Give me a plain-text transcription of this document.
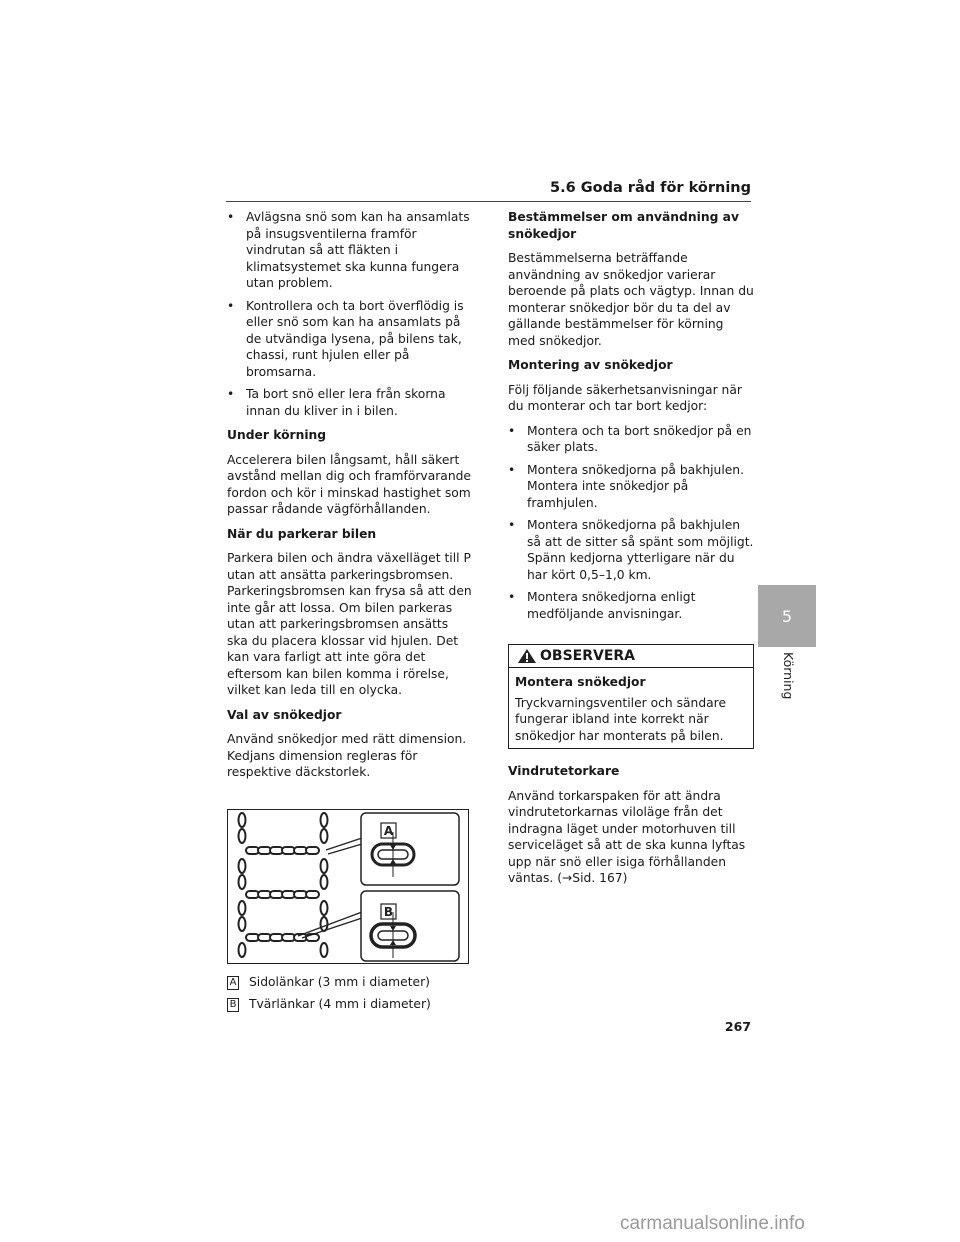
5.6 Goda råd för körning
• Avlägsna snö som kan ha ansamlats på insugsventilerna framför vindrutan så att fläkten i klimatsystemet ska kunna fungera utan problem.
• Kontrollera och ta bort överflödig is eller snö som kan ha ansamlats på de utvändiga lysena, på bilens tak, chassi, runt hjulen eller på bromsarna.
• Ta bort snö eller lera från skorna innan du kliver in i bilen.

Under körning

Accelerera bilen långsamt, håll säkert avstånd mellan dig och framförvarande fordon och kör i minskad hastighet som passar rådande vägförhållanden.

När du parkerar bilen

Parkera bilen och ändra växelläget till P utan att ansätta parkeringsbromsen. Parkeringsbromsen kan frysa så att den inte går att lossa. Om bilen parkeras utan att parkeringsbromsen ansätts ska du placera klossar vid hjulen. Det kan vara farligt att inte göra det eftersom kan bilen komma i rörelse, vilket kan leda till en olycka.

Val av snökedjor

Använd snökedjor med rätt dimension. Kedjans dimension regleras för respektive däckstorlek.

A
B
A Sidolänkar (3 mm i diameter)
B Tvärlänkar (4 mm i diameter)

Bestämmelser om användning av snökedjor

Bestämmelserna beträffande användning av snökedjor varierar beroende på plats och vägtyp. Innan du monterar snökedjor bör du ta del av gällande bestämmelser för körning med snökedjor.

Montering av snökedjor

Följ följande säkerhetsanvisningar när du monterar och tar bort kedjor:

• Montera och ta bort snökedjor på en säker plats.
• Montera snökedjorna på bakhjulen. Montera inte snökedjor på framhjulen.
• Montera snökedjorna på bakhjulen så att de sitter så spänt som möjligt. Spänn kedjorna ytterligare när du har kört 0,5–1,0 km.
• Montera snökedjorna enligt medföljande anvisningar.
OBSERVERA

Montera snökedjor

Tryckvarningsventiler och sändare fungerar ibland inte korrekt när snökedjor har monterats på bilen.

Vindrutetorkare

Använd torkarspaken för att ändra vindrutetorkarnas viloläge från det indragna läget under motorhuven till serviceläget så att de ska kunna lyftas upp när snö eller isiga förhållanden väntas. (→Sid. 167)

5
Körning
267
carmanualsonline.info
